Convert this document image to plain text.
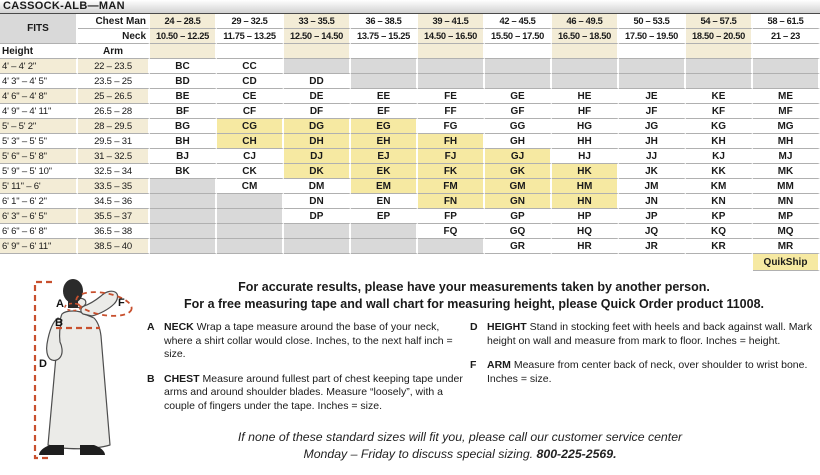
CASSOCK-ALB—MAN
FITS	Chest Man	24 – 28.5	29 – 32.5	33 – 35.5	36 – 38.5	39 – 41.5	42 – 45.5	46 – 49.5	50 – 53.5	54 – 57.5	58 – 61.5
	Neck	10.50 – 12.25	11.75 – 13.25	12.50 – 14.50	13.75 – 15.25	14.50 – 16.50	15.50 – 17.50	16.50 – 18.50	17.50 – 19.50	18.50 – 20.50	21 – 23
Height	Arm										
4' – 4' 2"	22 – 23.5	BC	CC								
4' 3" – 4' 5"	23.5 – 25	BD	CD	DD							
4' 6" – 4' 8"	25 – 26.5	BE	CE	DE	EE	FE	GE	HE	JE	KE	ME
4' 9" – 4' 11"	26.5 – 28	BF	CF	DF	EF	FF	GF	HF	JF	KF	MF
5' – 5' 2"	28 – 29.5	BG	CG	DG	EG	FG	GG	HG	JG	KG	MG
5' 3" – 5' 5"	29.5 – 31	BH	CH	DH	EH	FH	GH	HH	JH	KH	MH
5' 6" – 5' 8"	31 – 32.5	BJ	CJ	DJ	EJ	FJ	GJ	HJ	JJ	KJ	MJ
5' 9" – 5' 10"	32.5 – 34	BK	CK	DK	EK	FK	GK	HK	JK	KK	MK
5' 11" – 6'	33.5 – 35		CM	DM	EM	FM	GM	HM	JM	KM	MM
6' 1" – 6' 2"	34.5 – 36			DN	EN	FN	GN	HN	JN	KN	MN
6' 3" – 6' 5"	35.5 – 37			DP	EP	FP	GP	HP	JP	KP	MP
6' 6" – 6' 8"	36.5 – 38					FQ	GQ	HQ	JQ	KQ	MQ
6' 9" – 6' 11"	38.5 – 40						GR	HR	JR	KR	MR
											QuikShip
A
B
D
F
For accurate results, please have your measurements taken by another person.
For a free measuring tape and wall chart for measuring height, please Quick Order product 11008.
A NECK Wrap a tape measure around the base of your neck, where a shirt collar would close. Inches, to the next half inch = size.
B CHEST Measure around fullest part of chest keeping tape under arms and around shoulder blades. Measure “loosely”, with a couple of fingers under the tape. Inches = size.
D HEIGHT Stand in stocking feet with heels and back against wall. Mark height on wall and measure from mark to floor. Inches = height.
F	ARM Measure from center back of neck, over shoulder to wrist bone. Inches = size.
If none of these standard sizes will fit you, please call our customer service center
Monday – Friday to discuss special sizing. 800-225-2569.
